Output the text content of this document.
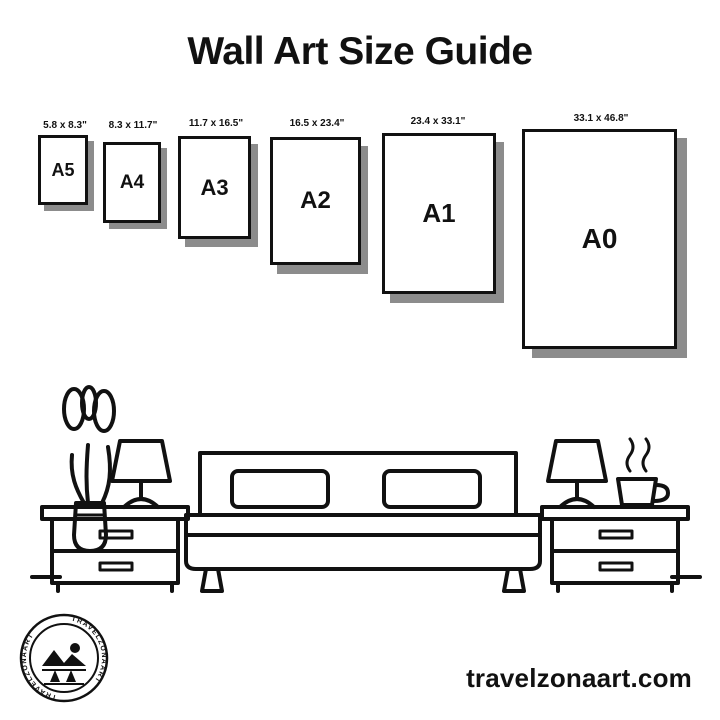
Wall Art Size Guide
5.8 x 8.3"
A5
8.3 x 11.7"
A4
11.7 x 16.5"
A3
16.5 x 23.4"
A2
23.4 x 33.1"
A1
33.1 x 46.8"
A0
TRAVELZONAART
TRAVELZONAART
travelzonaart.com
